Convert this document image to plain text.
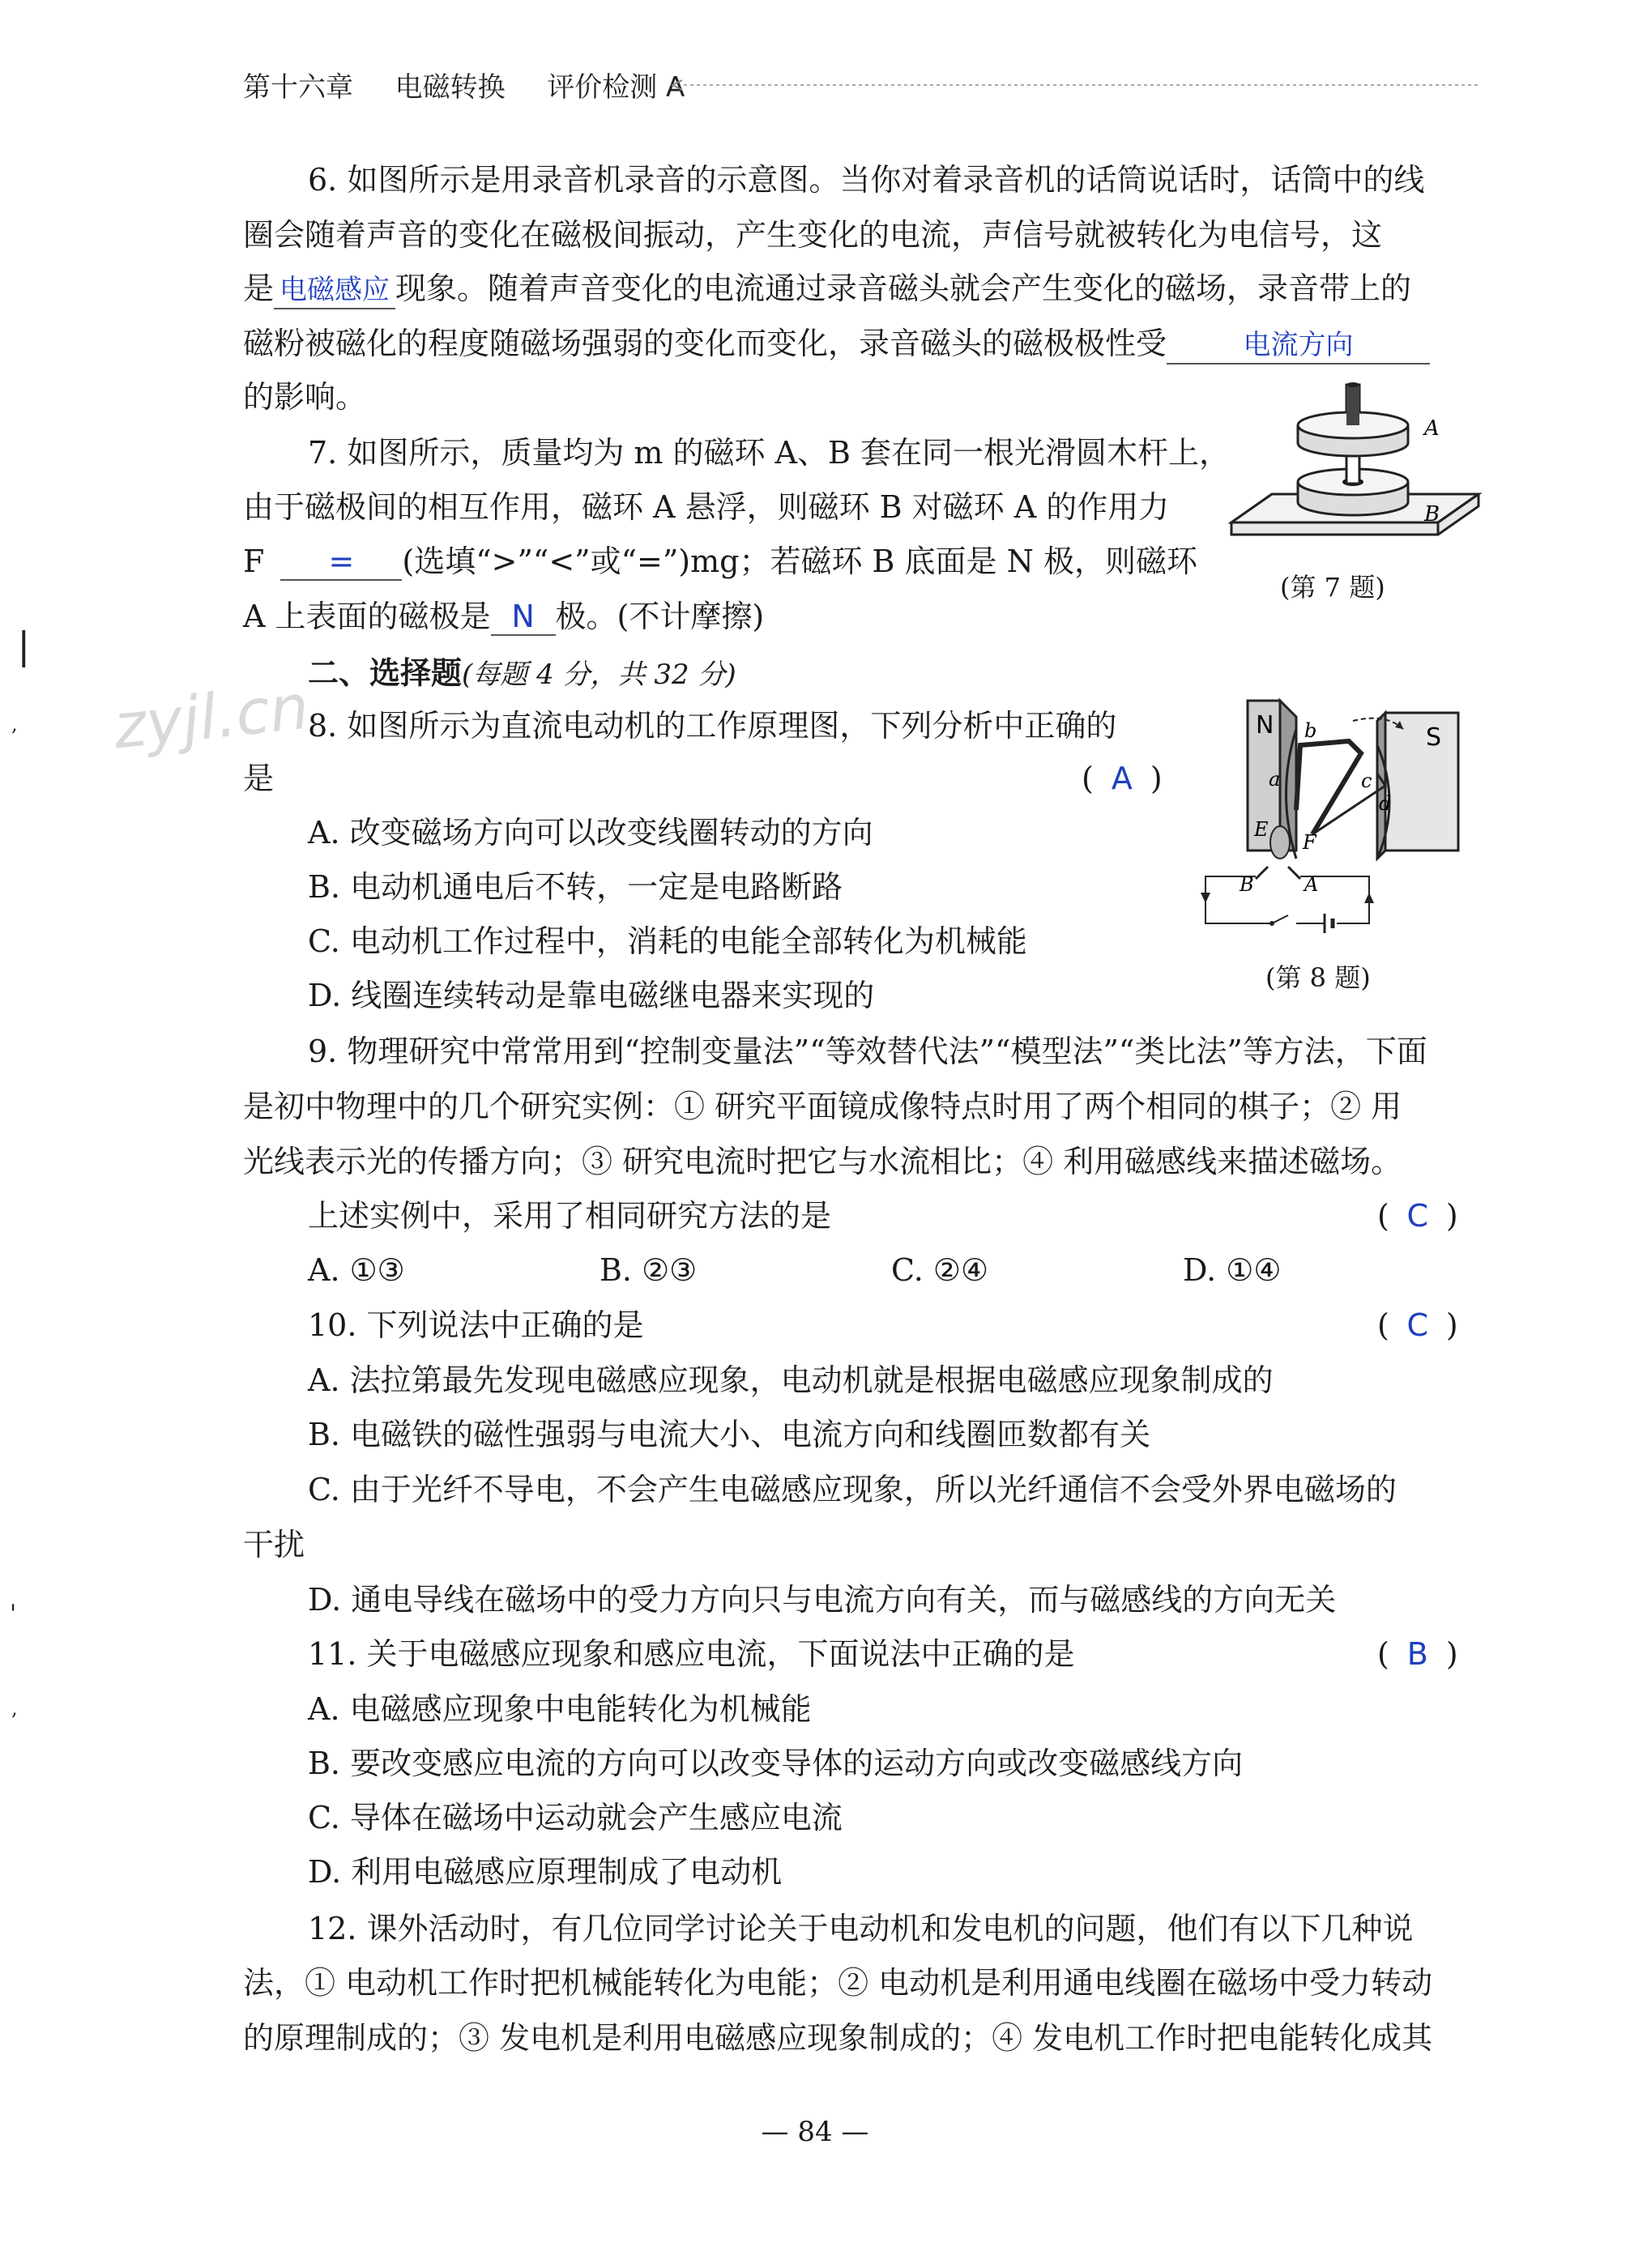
第十六章 电磁转换 评价检测 A
zyjl.cn
❘
,
'
,
6. 如图所示是用录音机录音的示意图。当你对着录音机的话筒说话时，话筒中的线
圈会随着声音的变化在磁极间振动，产生变化的电流，声信号就被转化为电信号，这
是 电磁感应 现象。随着声音变化的电流通过录音磁头就会产生变化的磁场，录音带上的
磁粉被磁化的程度随磁场强弱的变化而变化，录音磁头的磁极极性受	电流方向
的影响。
7. 如图所示，质量均为 m 的磁环 A、B 套在同一根光滑圆木杆上，
由于磁极间的相互作用，磁环 A 悬浮，则磁环 B 对磁环 A 的作用力
F = (选填“>”“<”或“=”)mg；若磁环 B 底面是 N 极，则磁环
A 上表面的磁极是 N 极。(不计摩擦)
A
B
(第 7 题)
二、选择题(每题 4 分，共 32 分)
8. 如图所示为直流电动机的工作原理图，下列分析中正确的
是	( A )
A. 改变磁场方向可以改变线圈转动的方向
B. 电动机通电后不转，一定是电路断路
C. 电动机工作过程中，消耗的电能全部转化为机械能
D. 线圈连续转动是靠电磁继电器来实现的
N	S
b
a	c
d
E
F
B	A
(第 8 题)
9. 物理研究中常常用到“控制变量法”“等效替代法”“模型法”“类比法”等方法，下面
是初中物理中的几个研究实例：① 研究平面镜成像特点时用了两个相同的棋子；② 用
光线表示光的传播方向；③ 研究电流时把它与水流相比；④ 利用磁感线来描述磁场。
上述实例中，采用了相同研究方法的是	( C )
A. ①③	B. ②③	C. ②④	D. ①④
10. 下列说法中正确的是	( C )
A. 法拉第最先发现电磁感应现象，电动机就是根据电磁感应现象制成的
B. 电磁铁的磁性强弱与电流大小、电流方向和线圈匝数都有关
C. 由于光纤不导电，不会产生电磁感应现象，所以光纤通信不会受外界电磁场的
干扰
D. 通电导线在磁场中的受力方向只与电流方向有关，而与磁感线的方向无关
11. 关于电磁感应现象和感应电流，下面说法中正确的是	( B )
A. 电磁感应现象中电能转化为机械能
B. 要改变感应电流的方向可以改变导体的运动方向或改变磁感线方向
C. 导体在磁场中运动就会产生感应电流
D. 利用电磁感应原理制成了电动机
12. 课外活动时，有几位同学讨论关于电动机和发电机的问题，他们有以下几种说
法，① 电动机工作时把机械能转化为电能；② 电动机是利用通电线圈在磁场中受力转动
的原理制成的；③ 发电机是利用电磁感应现象制成的；④ 发电机工作时把电能转化成其
— 84 —
